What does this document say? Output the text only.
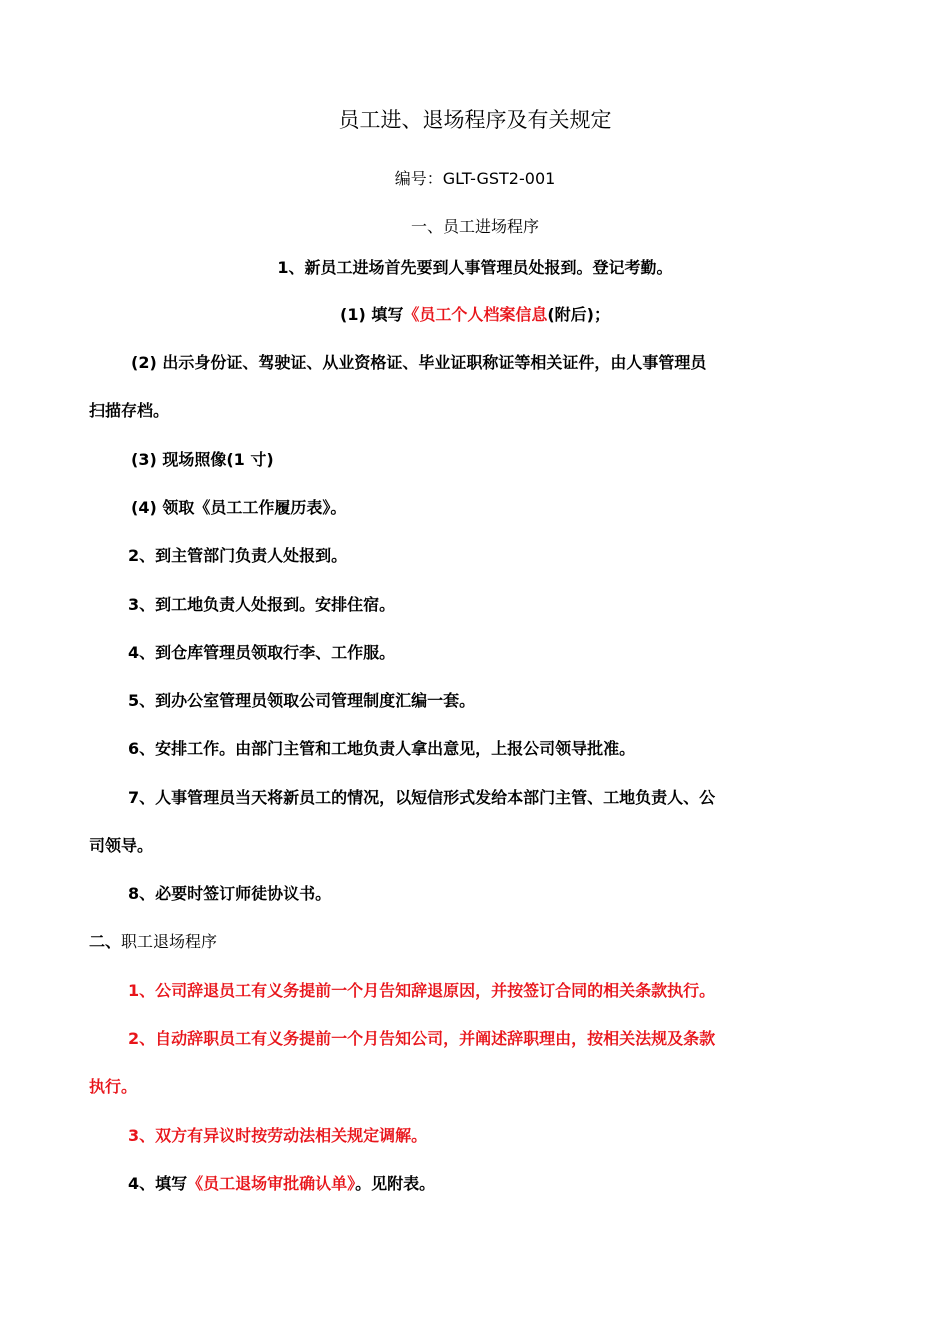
员工进、退场程序及有关规定
编号：GLT-GST2-001
一、员工进场程序
1、新员工进场首先要到人事管理员处报到。登记考勤。
(1) 填写《员工个人档案信息(附后)；
(2) 出示身份证、驾驶证、从业资格证、毕业证职称证等相关证件，由人事管理员
扫描存档。
(3) 现场照像(1 寸)
(4) 领取《员工工作履历表》。
2、到主管部门负责人处报到。
3、到工地负责人处报到。安排住宿。
4、到仓库管理员领取行李、工作服。
5、到办公室管理员领取公司管理制度汇编一套。
6、安排工作。由部门主管和工地负责人拿出意见，上报公司领导批准。
7、人事管理员当天将新员工的情况，以短信形式发给本部门主管、工地负责人、公
司领导。
8、必要时签订师徒协议书。
二、职工退场程序
1、公司辞退员工有义务提前一个月告知辞退原因，并按签订合同的相关条款执行。
2、自动辞职员工有义务提前一个月告知公司，并阐述辞职理由，按相关法规及条款
执行。
3、双方有异议时按劳动法相关规定调解。
4、填写《员工退场审批确认单》。见附表。
